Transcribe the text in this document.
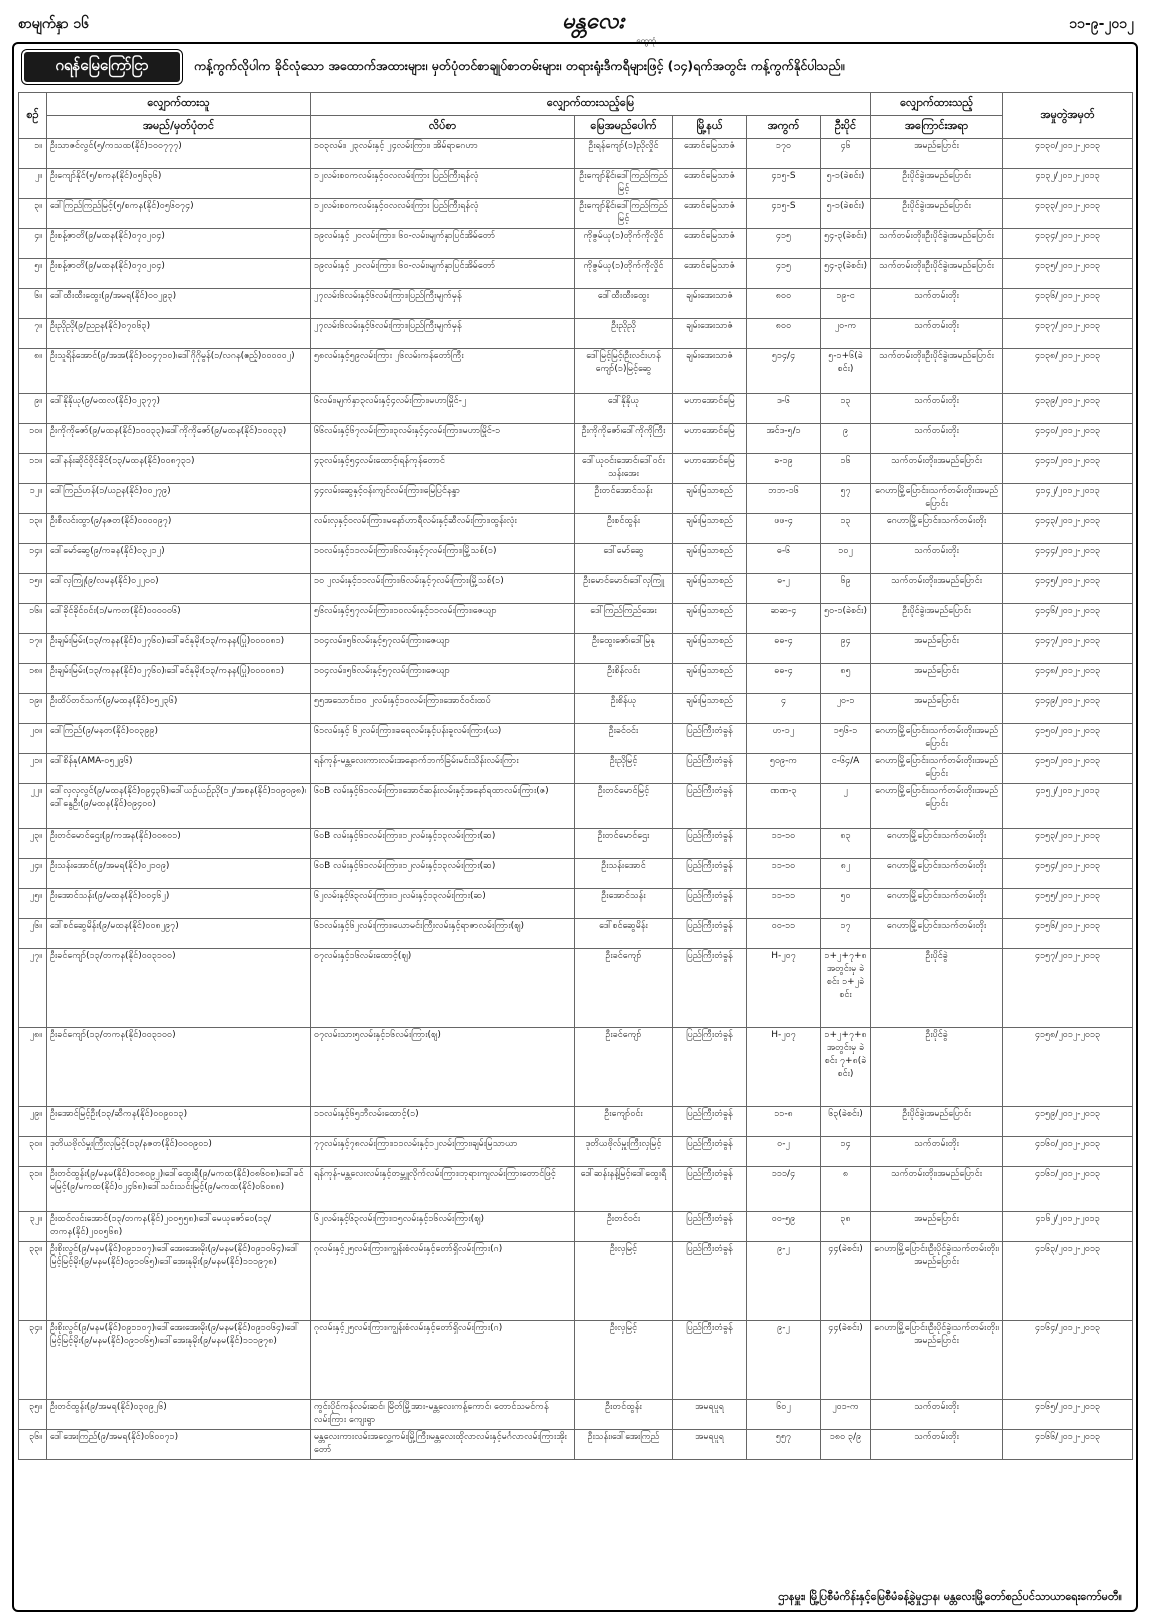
စာမျက်နှာ ၁၆	မန္တလေး
ထွေဘုံ
၁၁-၉-၂၀၁၂
ဂရန်မြေကြော်ငြာ	ကန့်ကွက်လိုပါက ခိုင်လုံသော အထောက်အထားများ၊ မှတ်ပုံတင်စာချုပ်စာတမ်းများ၊ တရားရုံးဒီကရီများဖြင့် (၁၄)ရက်အတွင်း ကန့်ကွက်နိုင်ပါသည်။
စဉ်	လျှောက်ထားသူ	လျှောက်ထားသည့်မြေ					လျှောက်ထားသည့်	အမှုတွဲအမှတ်
	အမည်/မှတ်ပုံတင်	လိပ်စာ	မြေအမည်ပေါက်	မြို့နယ်	အကွက်	ဦးပိုင်	အကြောင်းအရာ	
၁။	ဦးသာဇင်လွင်(၅/ကသထ(နိုင်)၁၀၀၇၇၇)	၁၀၃လမ်း၊ ၂၃လမ်းနှင့် ၂၄လမ်းကြား၊ အိမ်ရာဂေဟာ	ဦးရန်ကျော်(၁)ညိုလှိုင်	အောင်မြေသာဇံ	၁၇၀	၄၆	အမည်ပြောင်း	၄၁၃၀/၂၀၁၂-၂၀၁၃
၂။	ဦးကျော်နိုင်(၅/စကန(နိုင်)၀၅၆၃၆)	၁၂လမ်းစ၀ကလမ်းနှင့်၀လလမ်းကြား ပြည်ကြီးရန်လုံ	ဦးကျော်နိုင်၊ဒေါ်ကြည်ကြည်မြင့်	အောင်မြေသာဇံ	၄၁၅-S	၅-၁(ခဲစင်း)	ဦးပိုင်ခွဲ၊အမည်ပြောင်း	၄၁၃၂/၂၀၁၂-၂၀၁၃
၃။	ဒေါ်ကြည်ကြည်မြင့်(၅/စကန(နိုင်)၀၅၆၀၇၄)	၁၂လမ်းစ၀ကလမ်းနှင့်၀လလမ်းကြား ပြည်ကြီးရန်လုံ	ဦးကျော်နိုင်၊ဒေါ်ကြည်ကြည်မြင့်	အောင်မြေသာဇံ	၄၁၅-S	၅-၁(ခဲစင်း)	ဦးပိုင်ခွဲ၊အမည်ပြောင်း	၄၁၃၃/၂၀၁၂-၂၀၁၃
၄။	ဦးစန့်ဇာတိ(၉/မထန(နိုင်)၀၇၀၂၀၄)	၁၉လမ်းနှင့် ၂၀လမ်းကြား၊ ၆၀-လမ်း၊မျက်နှာပြင်အိမ်တော်	ကိုဇွမ်ယု(၁)တိုက်ကိုလှိုင်	အောင်မြေသာဇံ	၄၁၅	၅၄-၃(ခဲစင်း)	သက်တမ်းတိုး၊ဦးပိုင်ခွဲ၊အမည်ပြောင်း	၄၁၃၄/၂၀၁၂-၂၀၁၃
၅။	ဦးစန့်ဇာတိ(၉/မထန(နိုင်)၀၇၀၂၀၄)	၁၉လမ်းနှင့် ၂၀လမ်းကြား၊ ၆၀-လမ်း၊မျက်နှာပြင်အိမ်တော်	ကိုဇွမ်ယု(၁)တိုက်ကိုလှိုင်	အောင်မြေသာဇံ	၄၁၅	၅၄-၃(ခဲစင်း)	သက်တမ်းတိုး၊ဦးပိုင်ခွဲ၊အမည်ပြောင်း	၄၁၃၅/၂၀၁၂-၂၀၁၃
၆။	ဒေါ်ထီးထီးထွေး(၉/အမရ(နိုင်)၀၀၂၉၃)	၂၇လမ်း၆လမ်းနှင့်၆လမ်းကြား၊ပြည်ကြီးမျက်မှန်	ဒေါ်ထီးထီးထွေး	ချမ်းအေးသာဇံ	၈၀၀	၁၉-င	သက်တမ်းတိုး	၄၁၃၆/၂၀၁၂-၂၀၁၃
၇။	ဦးညိုညို(၉/ညဥန(နိုင်)၀၇၀၆၃)	၂၇လမ်း၆လမ်းနှင့်၆လမ်းကြား၊ပြည်ကြီးမျက်မှန်	ဦးညိုညို	ချမ်းအေးသာဇံ	၈၀၀	၂၀-က	သက်တမ်းတိုး	၄၁၃၇/၂၀၁၂-၂၀၁၃
၈။	ဦးသူရိန်အောင်(၉/အအ(နိုင်)၀၀၄၇၁၀)၊ဒေါ်ဂိုဂိုမွန်(၁/လဂန(ဧည့်)၀၀၀၀၀၂)	၅၈လမ်းနှင့်၅၉လမ်းကြား ၂၆လမ်းကန်တော်ကြီး	ဒေါ်မြင့်မြင့်၊ဦးလင်းဟန်ကျော်(၁)မြင့်ဆွေ	ချမ်းအေးသာဇံ	၅၁၄/၄	၅-၁+၆(ခဲစင်း)	သက်တမ်းတိုး၊ဦးပိုင်ခွဲ၊အမည်ပြောင်း	၄၁၃၈/၂၀၁၂-၂၀၁၃
၉။	ဒေါ်နိုနိုယု(၉/မထလ(နိုင်)၀၂၃၇၇)	၆လမ်း၊မျက်နှာ၃လမ်းနှင့်၄လမ်းကြား၊မဟာမြိုင်-၂	ဒေါ်နိုနိုယု	မဟာအောင်မြေ	ဒ-၆	၁၃	သက်တမ်းတိုး	၄၁၃၉/၂၀၁၂-၂၀၁၃
၁၀။	ဦးကိုကိုဇော်(၉/မထန(နိုင်)၁၀၀၃၃)၊ဒေါ်ကိုကိုဇော်(၉/မထန(နိုင်)၁၀၀၃၃)	၆၆လမ်းနှင့်၆၇လမ်းကြား၊၃လမ်းနှင့်၄လမ်းကြား၊မဟာမြိုင်-၁	ဦးကိုကိုဇော်၊ဒေါ်ကိုကိုကြီး	မဟာအောင်မြေ	အင်ဒ-၅/၁	၉	သက်တမ်းတိုး	၄၁၄၀/၂၀၁၂-၂၀၁၃
၁၁။	ဒေါ်နန်းဆိုင်ဝိုင်ခိုင်(၁၃/မထန(နိုင်)၀၀၈၇၃၁)	၄၃လမ်းနှင့်၅၄လမ်းထောင့်၊ရန်ကုန်တောင်	ဒေါ်ယုဝင်းအောင်၊ဒေါ်ဝင်းသန်းအေး	မဟာအောင်မြေ	ခ-၁၉	၁၆	သက်တမ်းတိုး၊အမည်ပြောင်း	၄၁၄၁/၂၀၁၂-၂၀၁၃
၁၂။	ဒေါ်ကြည်ဟန်(၁/ယဥန(နိုင်)၀၀၂၇၉)	၄၄လမ်းဆွေနှင့်ဝန်းကျင်လမ်းကြား၊မြေပြင်နန္ဒာ	ဦးတင်အောင်သန်း	ချမ်းမြသာစည်	ဘဘ-၁၆	၅၇	ဂေဟာမြို့ပြောင်း၊သက်တမ်းတိုး၊အမည်ပြောင်း	၄၁၄၂/၂၀၁၂-၂၀၁၃
၁၃။	ဦးစီလင်းထွာ(၉/နဇတ(နိုင်)၀၀၀၀၉၇)	လမ်းလှနှင့်ဝလမ်းကြား၊မနော်ဟာရီလမ်းနှင့်ဆီလမ်းကြား၊ထွန်းလုံး	ဦးစင်ထွန်း	ချမ်းမြသာစည်	ဖဖ-၄	၁၃	ဂေဟာမြို့ပြောင်း၊သက်တမ်းတိုး	၄၁၄၃/၂၀၁၂-၂၀၁၃
၁၄။	ဒေါ်မော်ဆွေ(၉/ကခန(နိုင်)၀၃၂၁၂)	၁၀လမ်းနှင့်၁၁လမ်းကြား၊၆လမ်းနှင့်၇လမ်းကြား၊မြို့သစ်(၁)	ဒေါ်မော်ဆွေ	ချမ်းမြသာစည်	ဓ-၆	၁၀၂	သက်တမ်းတိုး	၄၁၄၄/၂၀၁၂-၂၀၁၃
၁၅။	ဒေါ်လှကြူ(၉/လမန(နိုင်)၀၂၂၀၀)	၁၀ ၂လမ်းနှင့်၁၁လမ်းကြား၊၆လမ်းနှင့်၇လမ်းကြား၊မြို့သစ်(၁)	ဦးမောင်မောင်၊ဒေါ်လှကြူ	ချမ်းမြသာစည်	ဓ-၂	၆၉	သက်တမ်းတိုး၊အမည်ပြောင်း	၄၁၄၅/၂၀၁၂-၂၀၁၃
၁၆။	ဒေါ်ခိုင်ခိုင်ဝင်း(၁/မကတ(နိုင်)၀၀၀၀၀၆)	၅၆လမ်းနှင့်၅၇လမ်းကြား၊၁၀လမ်းနှင့်၁၁လမ်းကြား၊ဇေယျာ	ဒေါ်ကြည်ကြည်အေး	ချမ်းမြသာစည်	ဆဆ-၄	၅၀-၁(ခဲစင်း)	ဦးပိုင်ခွဲ၊အမည်ပြောင်း	၄၁၄၆/၂၀၁၂-၂၀၁၃
၁၇။	ဦးချမ်းမြမ်း(၁၃/ကနန(နိုင်)၀၂၇၆၀)၊ဒေါ်ခင်နုမိုး(၁၃/ကနန(ပြု)၀၀၀၀၈၁)	၁၀၄လမ်း၊၅၆လမ်းနှင့်၅၇လမ်းကြား၊ဇေယျာ	ဦးထွေးဇော်၊ဒေါ်မြနု	ချမ်းမြသာစည်	ဓဓ-၄	၉၄	အမည်ပြောင်း	၄၁၄၇/၂၀၁၂-၂၀၁၃
၁၈။	ဦးချမ်းမြမ်း(၁၃/ကနန(နိုင်)၀၂၇၆၀)၊ဒေါ်ခင်နုမိုး(၁၃/ကနန(ပြု)၀၀၀၀၈၁)	၁၀၄လမ်း၊၅၆လမ်းနှင့်၅၇လမ်းကြား၊ဇေယျာ	ဦးစိန်လင်း	ချမ်းမြသာစည်	ဓဓ-၄	၈၅	အမည်ပြောင်း	၄၁၄၈/၂၀၁၂-၂၀၁၃
၁၉။	ဦးထိပ်တင်သက်(၉/မထန(နိုင်)၀၅၂၃၆)	၅၅အသောင်း၁၀ ၂လမ်းနှင့်၁၀လမ်းကြား၊အောင်ဝင်းထပ်	ဦးစိန်ယု	ချမ်းမြသာစည်	၄	၂၀-၁	အမည်ပြောင်း	၄၁၄၉/၂၀၁၂-၂၀၁၃
၂၀။	ဒေါ်ကြည်(၉/မနတ(နိုင်)၀၀၃၉၉)	၆၁လမ်းနှင့် ၆၂လမ်းကြား၊ခရေလမ်းနှင့်ပန်းခူလမ်းကြား(ဃ)	ဦးခင်ဝင်း	ပြည်ကြီးတံခွန်	ဟ-၁၂	၁၅၆-၁	ဂေဟာမြို့ပြောင်း၊သက်တမ်းတိုး၊အမည်ပြောင်း	၄၁၅၀/၂၀၁၂-၂၀၁၃
၂၁။	ဒေါ်စိန်နု(AMA-၀၅၂၉၆)	ရန်ကုန်-မန္တလေးကားလမ်းအနောက်ဘက်ခြမ်းမင်းသိန်းလမ်းကြား	ဦးညိုမြင့်	ပြည်ကြီးတံခွန်	၅၀၉-က	င-၆၄/A	ဂေဟာမြို့ပြောင်း၊သက်တမ်းတိုး၊အမည်ပြောင်း	၄၁၅၁/၂၀၁၂-၂၀၁၃
၂၂။	ဒေါ်လှလှလွင်(၉/မထန(နိုင်)၀၉၄၃၆)၊ဒေါ်ယဉ်ယဉ်ညို(၁၂/အစန(နိုင်)၁၀၉၀၉၈)၊ဒေါ်နွေဦး(၉/မထန(နိုင်)၀၉၄၀၀)	၆၀B လမ်းနှင့်၆၁လမ်းကြား၊အောင်ဆန်းလမ်းနှင့်အနော်ရထာလမ်းကြား(ဇ)	ဦးတင်မောင်မြင့်	ပြည်ကြီးတံခွန်	ဏဏ-၃	၂	ဂေဟာမြို့ပြောင်း၊သက်တမ်းတိုး၊အမည်ပြောင်း	၄၁၅၂/၂၀၁၂-၂၀၁၃
၂၃။	ဦးတင်မောင်ဌေး(၉/ကအန(နိုင်)၀၀၈၀၁)	၆၀B လမ်းနှင့်၆၁လမ်းကြား၊၁၂လမ်းနှင့်၁၃လမ်းကြား(ဆ)	ဦးတင်မောင်ဌေး	ပြည်ကြီးတံခွန်	၁၁-၁၀	၈၃	ဂေဟာမြို့ပြောင်း၊သက်တမ်းတိုး	၄၁၅၃/၂၀၁၂-၂၀၁၃
၂၄။	ဦးသန်းအောင်(၉/အမရ(နိုင်)၀၂၁၀၉)	၆၀B လမ်းနှင့်၆၁လမ်းကြား၊၁၂လမ်းနှင့်၁၃လမ်းကြား(ဆ)	ဦးသန်းအောင်	ပြည်ကြီးတံခွန်	၁၁-၁၀	၈၂	ဂေဟာမြို့ပြောင်း၊သက်တမ်းတိုး	၄၁၅၄/၂၀၁၂-၂၀၁၃
၂၅။	ဦးအောင်သန်း(၉/မထန(နိုင်)၀၀၄၆၂)	၆၂လမ်းနှင့်၆၃လမ်းကြား၊၁၂လမ်းနှင့်၁၃လမ်းကြား(ဆ)	ဦးအောင်သန်း	ပြည်ကြီးတံခွန်	၁၁-၁၁	၅၀	ဂေဟာမြို့ပြောင်း၊သက်တမ်းတိုး	၄၁၅၅/၂၀၁၂-၂၀၁၃
၂၆။	ဒေါ်စင်ဆွေမိန်း(၉/မထန(နိုင်)၀၀၈၂၉၇)	၆၁လမ်းနှင့်၆၂လမ်းကြား၊ယောမင်းကြီးလမ်းနှင့်ရာဇာလမ်းကြား(ဈ)	ဒေါ်စင်ဆွေမိန်း	ပြည်ကြီးတံခွန်	၀၀-၁၁	၁၇	ဂေဟာမြို့ပြောင်း၊သက်တမ်းတိုး	၄၁၅၆/၂၀၁၂-၂၀၁၃
၂၇။	ဦးခင်ကျော်(၁၃/တကန(နိုင်)၀၀၃၁၀၀)	၀၇လမ်းနှင့်၁၆လမ်းထောင့်(ဈ)	ဦးခင်ကျော်	ပြည်ကြီးတံခွန်	H-၂၀၇	၁+၂+၇+၈ အတွင်းမှ ခဲစင်း ၁+၂ခဲစင်း	ဦးပိုင်ခွဲ	၄၁၅၇/၂၀၁၂-၂၀၁၃
၂၈။	ဦးခင်ကျော်(၁၃/တကန(နိုင်)၀၀၃၁၀၀)	၀၇လမ်းသား၅လမ်းနှင့်၁၆လမ်းကြား(ဈ)	ဦးခင်ကျော်	ပြည်ကြီးတံခွန်	H-၂၀၇	၁+၂+၇+၈ အတွင်းမှ ခဲစင်း ၇+၈(ခဲစင်း)	ဦးပိုင်ခွဲ	၄၁၅၈/၂၀၁၂-၂၀၁၃
၂၉။	ဦးအောင်မြင့်ဦး(၁၃/ဆီကန(နိုင်)၀၀၉၀၁၃)	၁၁လမ်းနှင့်၆၅ဘီလမ်းထောင့်(၁)	ဦးကျော်ဝင်း	ပြည်ကြီးတံခွန်	၁၁-၈	၆၃(ခဲစင်း)	ဦးပိုင်ခွဲ၊အမည်ပြောင်း	၄၁၅၉/၂၀၁၂-၂၀၁၃
၃၀။	ဒုတိယဗိုလ်မှူးကြီးလှမြင့်(၁၃/နဇတ(နိုင်)၀၀၀၉၀၁)	၇၇လမ်းနှင့်၇၈လမ်းကြား၊၁၁လမ်းနှင့်၁၂လမ်းကြား၊ချမ်းမြသာယာ	ဒုတိယဗိုလ်မှူးကြီးလှမြင့်	ပြည်ကြီးတံခွန်	၀-၂	၁၄	သက်တမ်းတိုး	၄၁၆၀/၂၀၁၂-၂၀၁၃
၃၁။	ဦးတင်ထွန်း(၉/မနမ(နိုင်)၀၁၈၀၉၂)၊ဒေါ်ထွေးရီ(၉/မကထ(နိုင်)၀၈၆၀၈)၊ဒေါ်ခင်မမြင့်(၉/မကထ(နိုင်)၀၂၄၆၈)၊ဒေါ်သင်းသင်းမြင့်(၉/မကထ(နိုင်)၀၆၀၈၈)	ရန်ကုန်-မန္တလေးလမ်းနှင့်တမ္ဘူလိုက်လမ်းကြား၊ဘုရားကျလမ်းကြားတောင်ဖြင့်	ဒေါ်ဆန်းနန့်မြင့်၊ဒေါ်ထွေးရီ	ပြည်ကြီးတံခွန်	၁၁၁/၄	၈	သက်တမ်းတိုး၊အမည်ပြောင်း	၄၁၆၁/၂၀၁၂-၂၀၁၃
၃၂။	ဦးထင်လင်းအောင်(၁၃/တကန(နိုင်)၂၀၀၅၅၈)၊ဒေါ်မေယုဇော်ဝေ(၁၃/တကန(နိုင်)၂၀၀၅၆၈)	၆၂လမ်းနှင့်၆၃လမ်းကြား၊၁၅လမ်းနှင့်၁၆လမ်းကြား(ဈ)	ဦးတင်ဝင်း	ပြည်ကြီးတံခွန်	၀၀-၅၉	၃၈	အမည်ပြောင်း	၄၁၆၂/၂၀၁၂-၂၀၁၃
၃၃။	ဦးစိုးလွင်(၉/မနမ(နိုင်)၀၉၁၁၀၇)၊ဒေါ်အေးအေးမိုး(၉/မနမ(နိုင်)၀၉၁၀၆၄)၊ဒေါ်မြင့်မြင့်မိုး(၉/မနမ(နိုင်)၀၉၁၀၆၅)၊ဒေါ်အေးနုမိုး(၉/မနမ(နိုင်)၁၁၁၉၇၈)	ဂုလမ်းနှင့်၂၅လမ်းကြား၊ကျွန်းစံလမ်းနှင့်တော်ရှိလမ်းကြား(ဂ)	ဦးလှမြင့်	ပြည်ကြီးတံခွန်	၉-၂	၄၄(ခဲစင်း)	ဂေဟာမြို့ပြောင်း၊ဦးပိုင်ခွဲ၊သက်တမ်းတိုး၊အမည်ပြောင်း	၄၁၆၃/၂၀၁၂-၂၀၁၃
၃၄။	ဦးစိုးလွင်(၉/မနမ(နိုင်)၀၉၁၁၀၇)၊ဒေါ်အေးအေးမိုး(၉/မနမ(နိုင်)၀၉၁၀၆၄)၊ဒေါ်မြင့်မြင့်မိုး(၉/မနမ(နိုင်)၀၉၁၀၆၅)၊ဒေါ်အေးနုမိုး(၉/မနမ(နိုင်)၁၁၁၉၇၈)	ဂုလမ်းနှင့်၂၅လမ်းကြား၊ကျွန်းစံလမ်းနှင့်တော်ရှိလမ်းကြား(ဂ)	ဦးလှမြင့်	ပြည်ကြီးတံခွန်	၉-၂	၄၄(ခဲစင်း)	ဂေဟာမြို့ပြောင်း၊ဦးပိုင်ခွဲ၊သက်တမ်းတိုး၊အမည်ပြောင်း	၄၁၆၄/၂၀၁၂-၂၀၁၃
၃၅။	ဦးတင်ထွန်း(၉/အမရ(နိုင်)၀၃၀၉၂၆)	ကွင်းပိုင်ကန်လမ်းဆင်၊ မြိတ်မြို့အား-မန္တလေးကန့်ကောင်၊ တောင်သမင်ကန်လမ်းကြား ကျေးရွာ	ဦးတင်ထွန်း	အမရပူရ	၆၀၂	၂၀၁-က	သက်တမ်းတိုး	၄၁၆၅/၂၀၁၂-၂၀၁၃
၃၆။	ဒေါ်အေးကြည်(၉/အမရ(နိုင်)၀၆၀၀၇၁)	မန္တလေးကားလမ်းအလွှေ့ကမ်းမြို့ကြီး၊မန္တလေးထိုလာလမ်းနှင့်မင်္ဂလာလမ်းကြားအိုးတော်	ဦးသန်း၊ဒေါ်အေးကြည်	အမရပူရ	၅၅၇	၁၈၀ ၃/၉	သက်တမ်းတိုး	၄၁၆၆/၂၀၁၂-၂၀၁၃
ဌာနမှူး၊ မြို့ပြစီမံကိန်းနှင့်မြေစီမံခန့်ခွဲမှုဌာန၊ မန္တလေးမြို့တော်စည်ပင်သာယာရေးကော်မတီ။
